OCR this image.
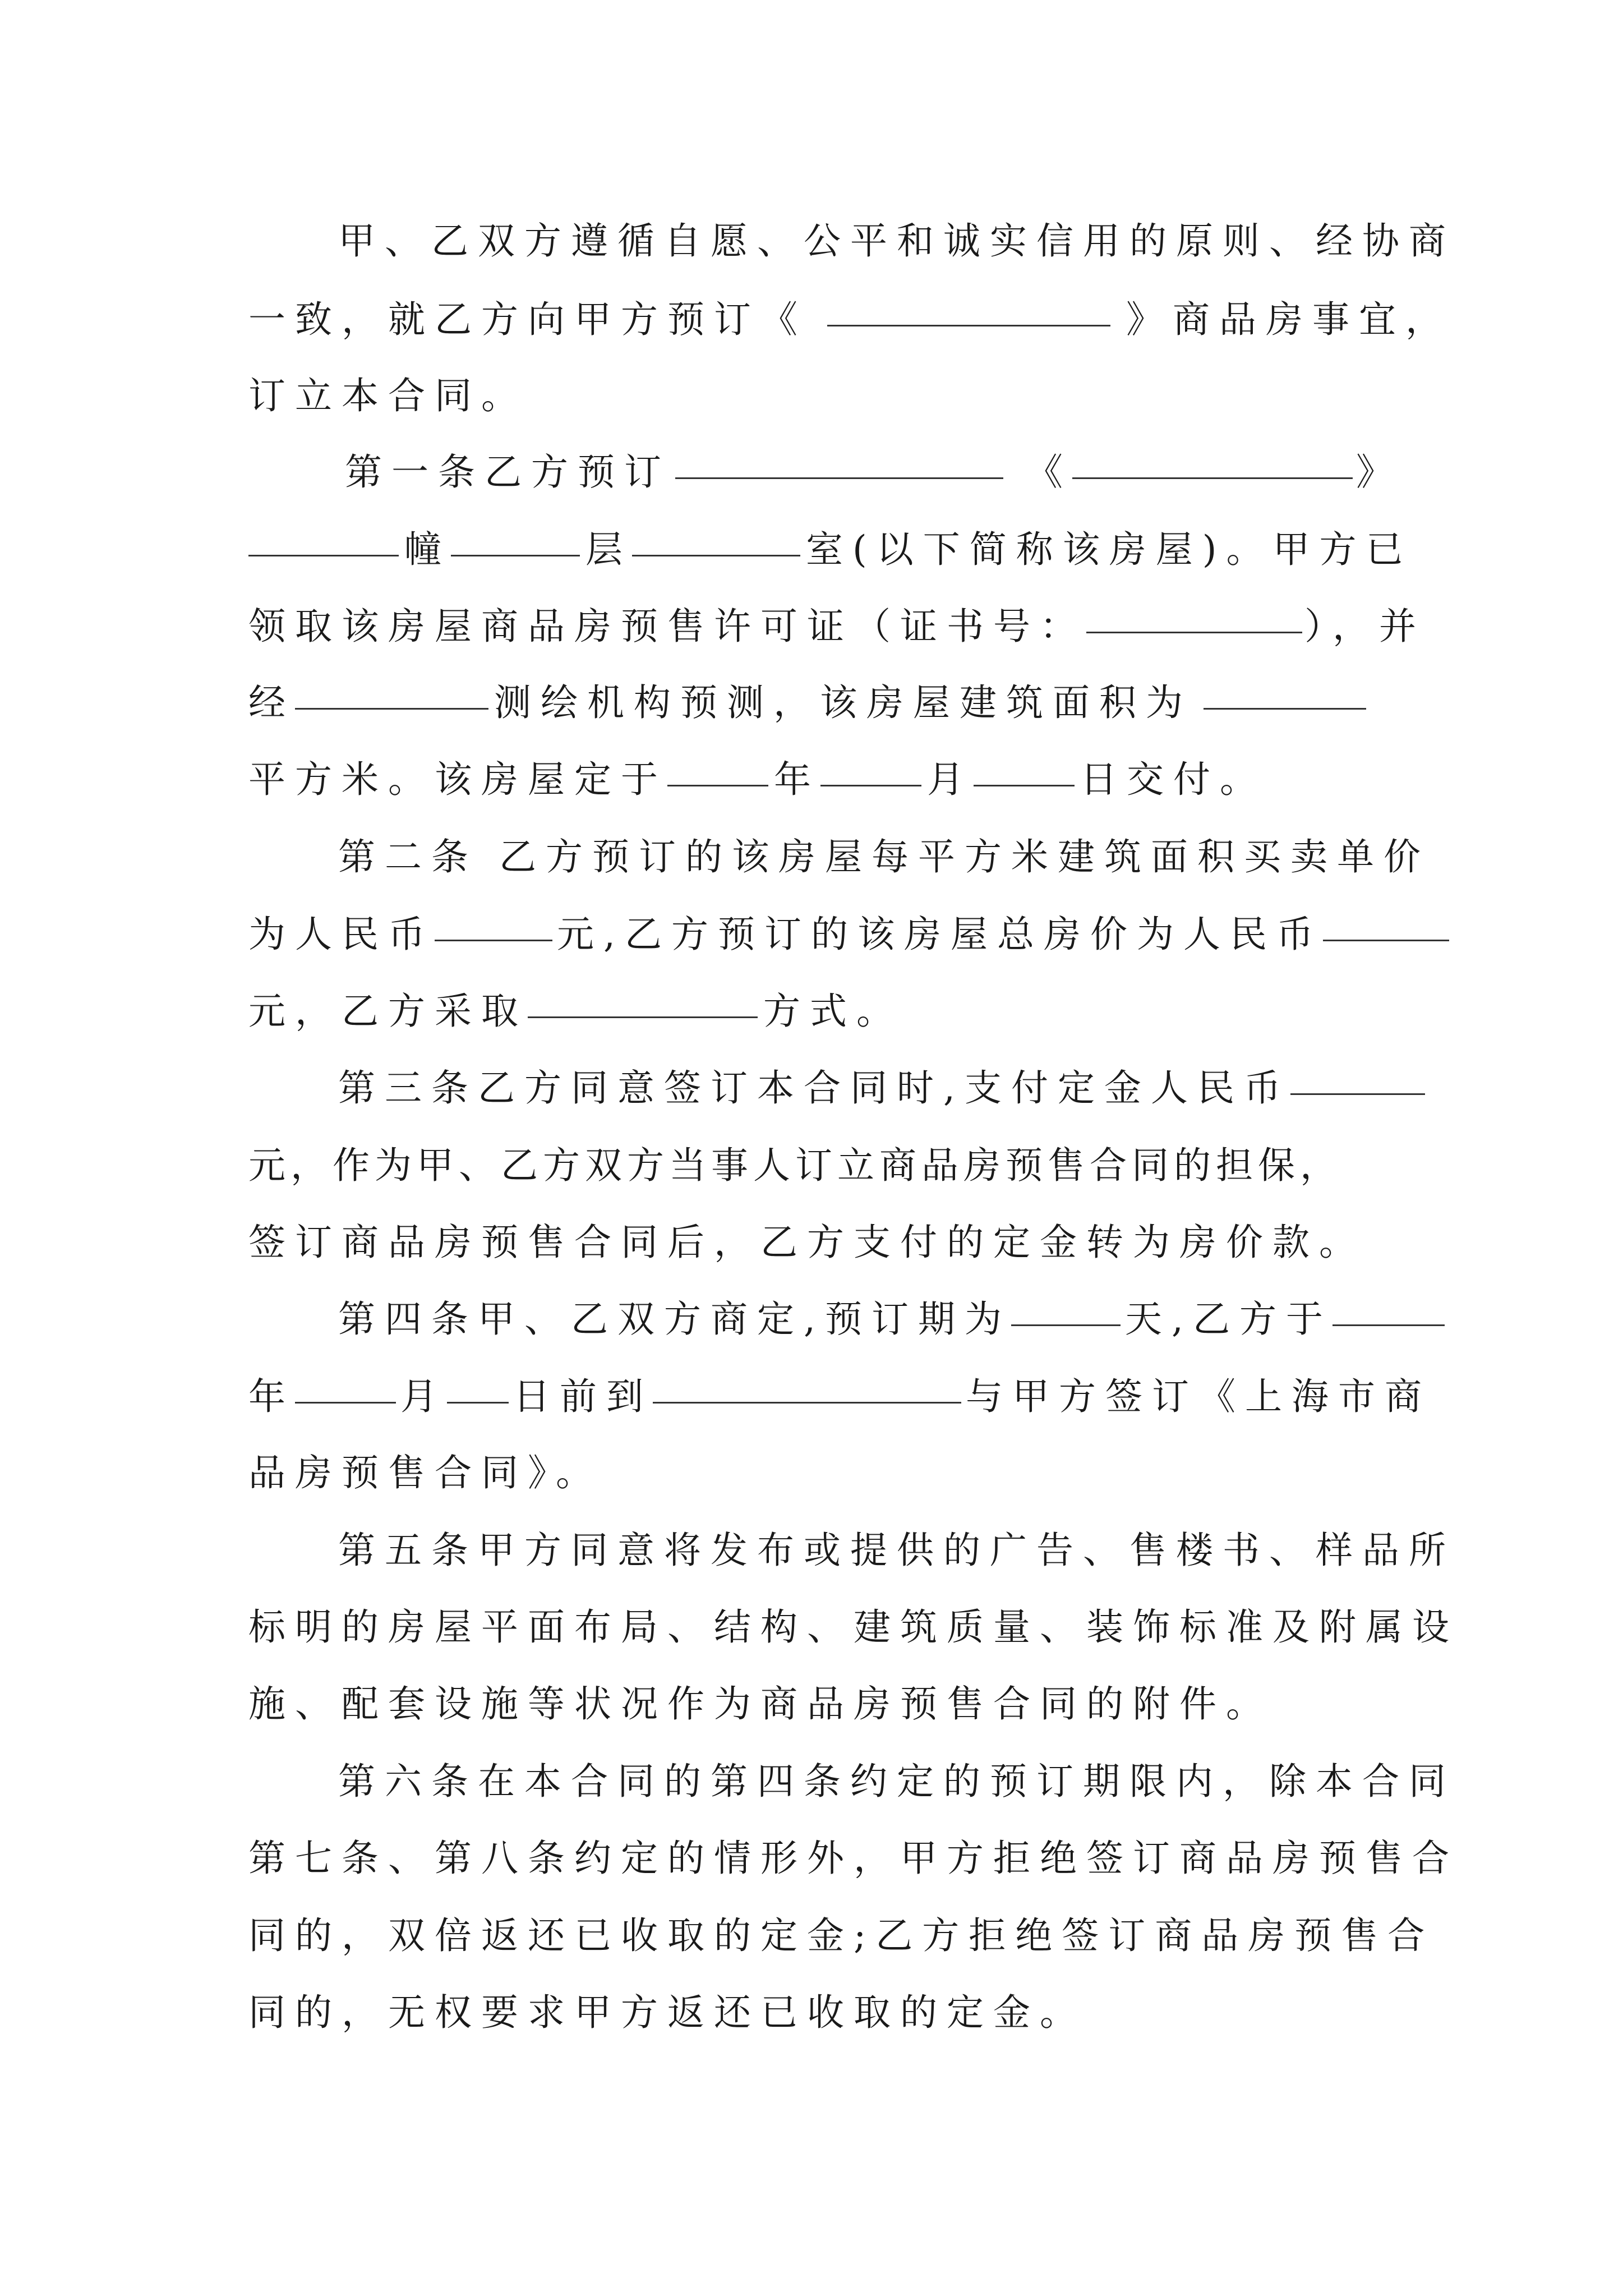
甲、乙双方遵循自愿、公平和诚实信用的原则、经协商
一致，就乙方向甲方预订《	》商品房事宜，
订立本合同。
第一条乙方预订	《	》
幢	层	室(以下简称该房屋)。甲方已
领取该房屋商品房预售许可证（证书号：	），并
经	测绘机构预测，该房屋建筑面积为
平方米。该房屋定于	年	月	日交付。
第二条 乙方预订的该房屋每平方米建筑面积买卖单价
为人民币	元,乙方预订的该房屋总房价为人民币
元，乙方采取	方式。
第三条乙方同意签订本合同时,支付定金人民币
元，作为甲、乙方双方当事人订立商品房预售合同的担保，
签订商品房预售合同后，乙方支付的定金转为房价款。
第四条甲、乙双方商定,预订期为	天,乙方于
年	月 日前到	与甲方签订《上海市商
品房预售合同》。
第五条甲方同意将发布或提供的广告、售楼书、样品所
标明的房屋平面布局、结构、建筑质量、装饰标准及附属设
施、配套设施等状况作为商品房预售合同的附件。
第六条在本合同的第四条约定的预订期限内，除本合同
第七条、第八条约定的情形外，甲方拒绝签订商品房预售合
同的，双倍返还已收取的定金;乙方拒绝签订商品房预售合
同的，无权要求甲方返还已收取的定金。
